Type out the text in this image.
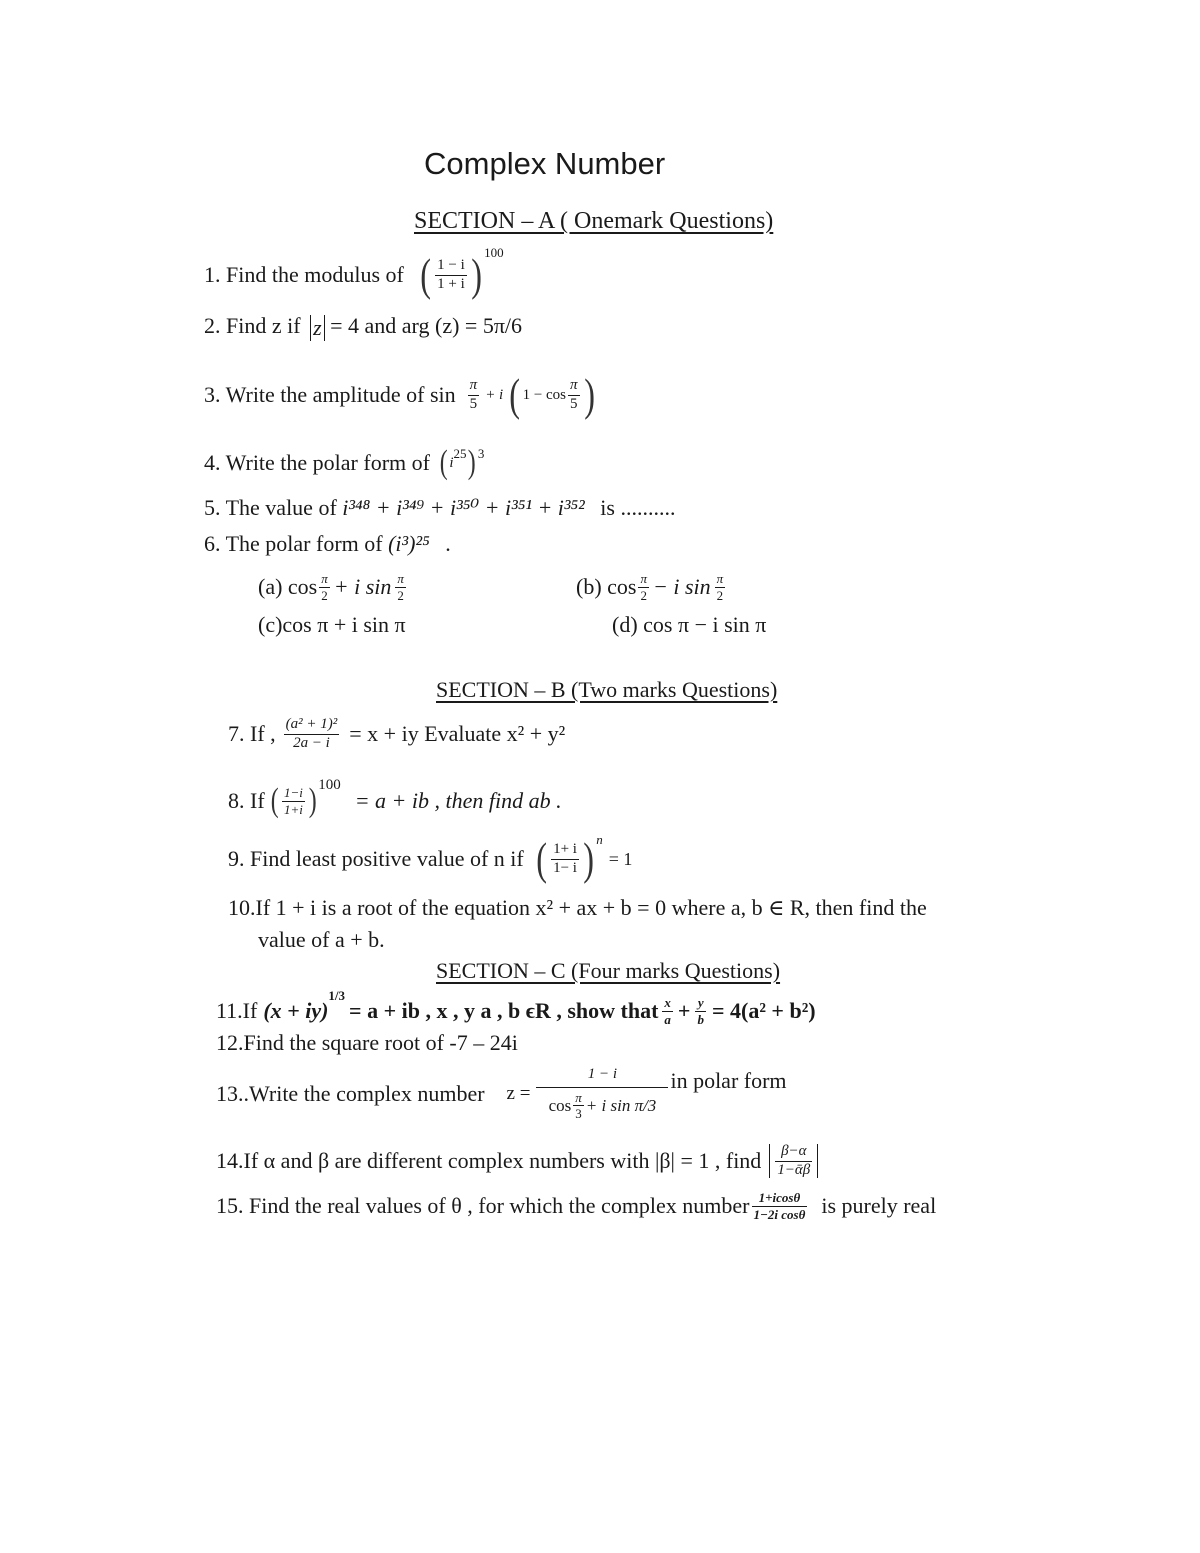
Complex Number
SECTION – A ( Onemark Questions)
1. Find the modulus of ( $\frac{1 - i}{1 + i}$ ) 100
2. Find z if z = 4 and arg (z) = 5π/6
3. Write the amplitude of $\sin \frac{\pi}{5} + i$ ( $1 - \cos \frac{\pi}{5}$ )
4. Write the polar form of ( i
25 ) 3
5. The value of i³⁴⁸ + i³⁴⁹ + i³⁵⁰ + i³⁵¹ + i³⁵² is ..........
6. The polar form of (i³)²⁵ .
(a) $\cos \frac{\pi}{2} + i$ $\sin \frac{\pi}{2}$	(b) $\cos \frac{\pi}{2} - i$ $\sin \frac{\pi}{2}$
(c)cos π + i sin π	(d) cos π − i sin π
SECTION – B (Two marks Questions)
7. If , $\frac{\text{(a² + 1)²}}{2a - i} = x$ + iy Evaluate x² + y²
8. If ( $\frac{1-i}{1+i}$ ) 100
= a + ib , then find ab .
9. Find least positive value of n if ( $\frac{1+ i}{1- i}$ ) n
= 1
10.If 1 + i is a root of the equation x² + ax + b = 0 where a, b ∈ R, then find the
value of a + b.
SECTION – C (Four marks Questions)
11.If (x + iy)
1/3
= a + ib , x , y a , b ϵR , show that $\frac{x}{a} + \frac{y}{b} = 4(a^2 + b^2)$
12.Find the square root of -7 – 24i
13..Write the complex number $z = \frac{1 - i}{\cos \frac{\pi}{3} + i \sin \pi/3}$ in polar form
14.If α and β are different complex numbers with |β| = 1 , find $\frac{\beta-\alpha}{\text{1−ᾱβ}}$
15. Find the real values of θ , for which the complex number $\frac{1+icos\theta}{\text{1−2i cosθ}}$ is purely real
